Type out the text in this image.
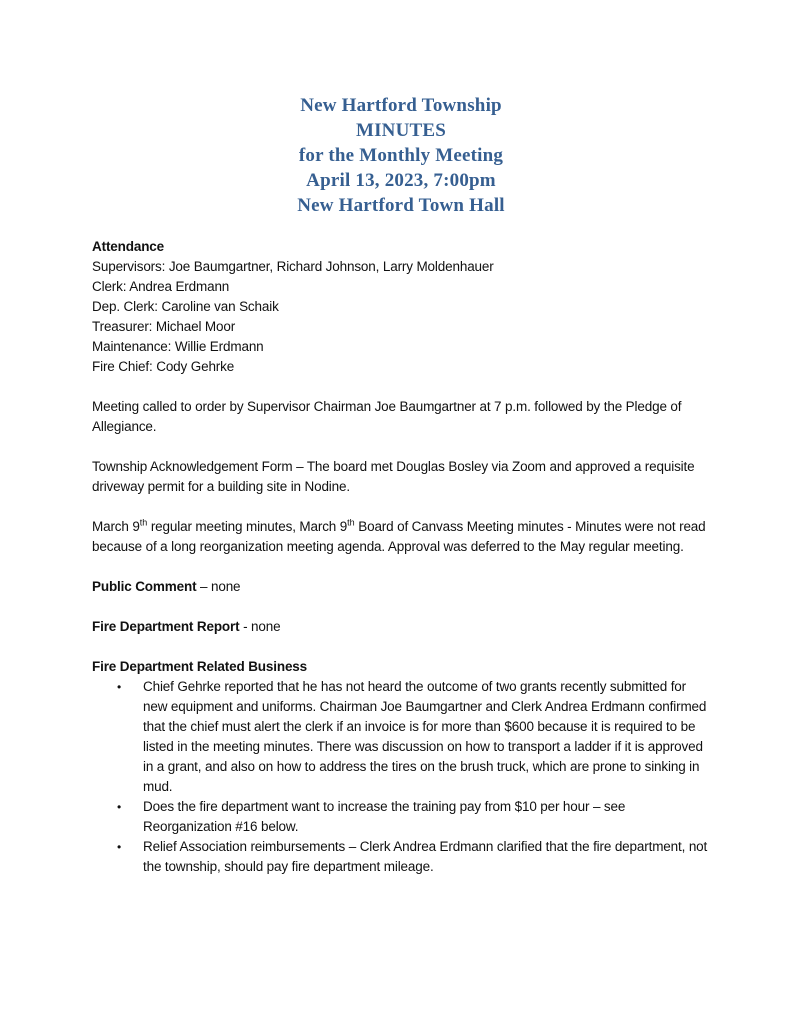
New Hartford Township
MINUTES
for the Monthly Meeting
April 13, 2023, 7:00pm
New Hartford Town Hall
Attendance
Supervisors: Joe Baumgartner, Richard Johnson, Larry Moldenhauer
Clerk: Andrea Erdmann
Dep. Clerk: Caroline van Schaik
Treasurer: Michael Moor
Maintenance: Willie Erdmann
Fire Chief: Cody Gehrke

Meeting called to order by Supervisor Chairman Joe Baumgartner at 7 p.m. followed by the Pledge of Allegiance.

Township Acknowledgement Form – The board met Douglas Bosley via Zoom and approved a requisite driveway permit for a building site in Nodine.

March 9th regular meeting minutes, March 9th Board of Canvass Meeting minutes - Minutes were not read because of a long reorganization meeting agenda. Approval was deferred to the May regular meeting.

Public Comment – none

Fire Department Report - none

Fire Department Related Business
•	Chief Gehrke reported that he has not heard the outcome of two grants recently submitted for new equipment and uniforms. Chairman Joe Baumgartner and Clerk Andrea Erdmann confirmed that the chief must alert the clerk if an invoice is for more than $600 because it is required to be listed in the meeting minutes. There was discussion on how to transport a ladder if it is approved in a grant, and also on how to address the tires on the brush truck, which are prone to sinking in mud.
•	Does the fire department want to increase the training pay from $10 per hour – see Reorganization #16 below.
•	Relief Association reimbursements – Clerk Andrea Erdmann clarified that the fire department, not the township, should pay fire department mileage.
